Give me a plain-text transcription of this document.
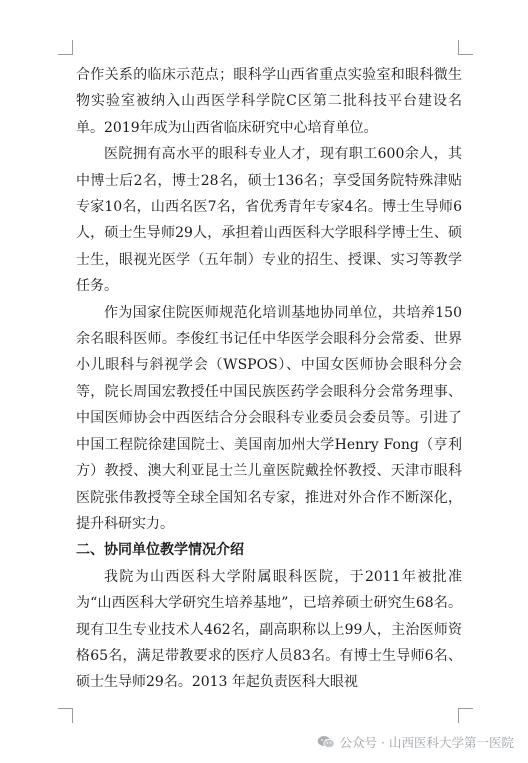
合作关系的临床示范点；眼科学山西省重点实验室和眼科微生物实验室被纳入山西医学科学院C区第二批科技平台建设名单。2019年成为山西省临床研究中心培育单位。

医院拥有高水平的眼科专业人才，现有职工600余人，其中博士后2名，博士28名，硕士136名；享受国务院特殊津贴专家10名，山西名医7名，省优秀青年专家4名。博士生导师6人，硕士生导师29人，承担着山西医科大学眼科学博士生、硕士生，眼视光医学（五年制）专业的招生、授课、实习等教学任务。

作为国家住院医师规范化培训基地协同单位，共培养150余名眼科医师。李俊红书记任中华医学会眼科分会常委、世界小儿眼科与斜视学会（WSPOS）、中国女医师协会眼科分会等，院长周国宏教授任中国民族医药学会眼科分会常务理事、中国医师协会中西医结合分会眼科专业委员会委员等。引进了中国工程院徐建国院士、美国南加州大学Henry Fong（亨利方）教授、澳大利亚昆士兰儿童医院戴拴怀教授、天津市眼科医院张伟教授等全球全国知名专家，推进对外合作不断深化，提升科研实力。

二、协同单位教学情况介绍

我院为山西医科大学附属眼科医院，于2011年被批准为“山西医科大学研究生培养基地”，已培养硕士研究生68名。现有卫生专业技术人462名，副高职称以上99人，主治医师资格65名，满足带教要求的医疗人员83名。有博士生导师6名、硕士生导师29名。2013 年起负责医科大眼视

公众号 · 山西医科大学第一医院
